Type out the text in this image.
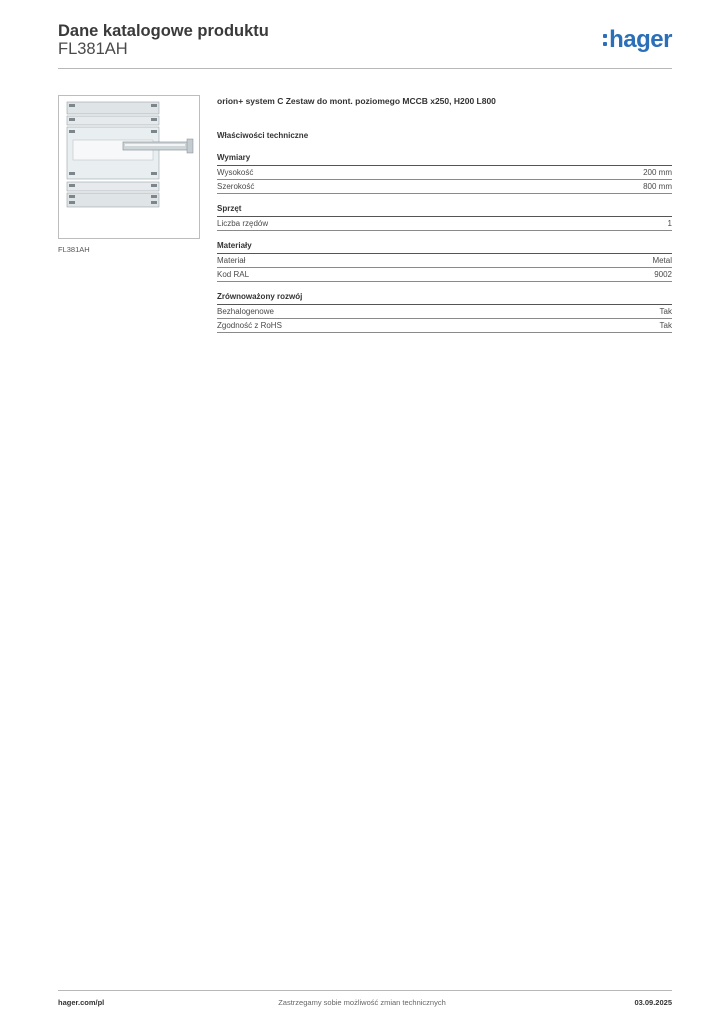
Dane katalogowe produktu
FL381AH	hager
FL381AH
orion+ system C Zestaw do mont. poziomego MCCB x250, H200 L800
Właściwości techniczne
Wymiary
Wysokość	200 mm
Szerokość	800 mm
Sprzęt
Liczba rzędów	1
Materiały
Materiał	Metal
Kod RAL	9002
Zrównoważony rozwój
Bezhalogenowe	Tak
Zgodność z RoHS	Tak
hager.com/pl	Zastrzegamy sobie możliwość zmian technicznych	03.09.2025
